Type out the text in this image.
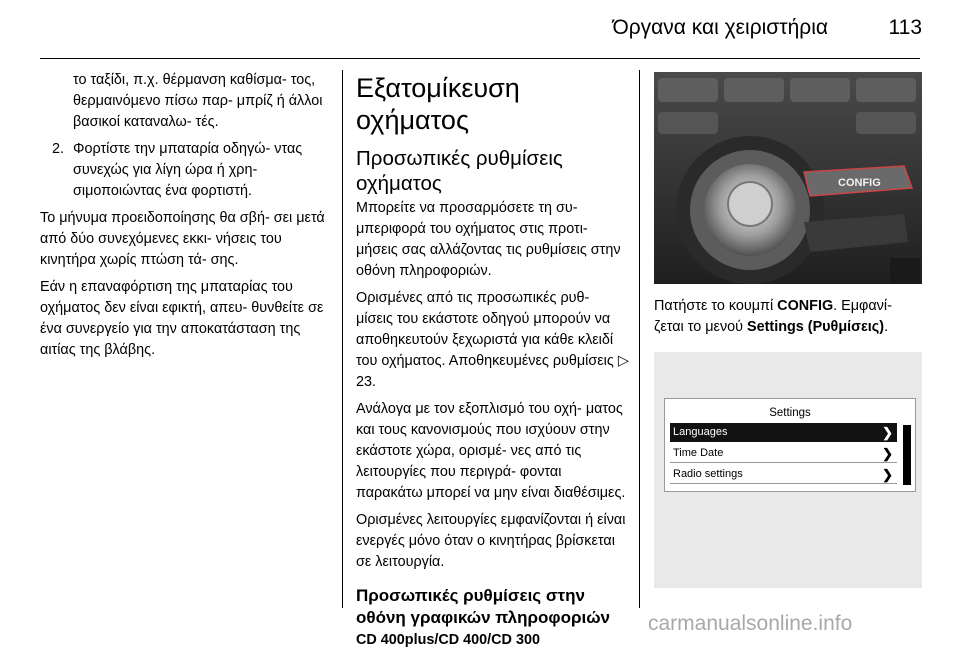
Όργανα και χειριστήρια	113
το ταξίδι, π.χ. θέρμανση καθίσμα- τος, θερμαινόμενο πίσω παρ- μπρίζ ή άλλοι βασικοί καταναλω- τές.
2. Φορτίστε την μπαταρία οδηγώ- ντας συνεχώς για λίγη ώρα ή χρη- σιμοποιώντας ένα φορτιστή.

Το μήνυμα προειδοποίησης θα σβή- σει μετά από δύο συνεχόμενες εκκι- νήσεις του κινητήρα χωρίς πτώση τά- σης.

Εάν η επαναφόρτιση της μπαταρίας του οχήματος δεν είναι εφικτή, απευ- θυνθείτε σε ένα συνεργείο για την αποκατάσταση της αιτίας της βλάβης.

Εξατομίκευση οχήματος
Προσωπικές ρυθμίσεις οχήματος

Μπορείτε να προσαρμόσετε τη συ- μπεριφορά του οχήματος στις προτι- μήσεις σας αλλάζοντας τις ρυθμίσεις στην οθόνη πληροφοριών.

Ορισμένες από τις προσωπικές ρυθ- μίσεις του εκάστοτε οδηγού μπορούν να αποθηκευτούν ξεχωριστά για κάθε κλειδί του οχήματος. Αποθηκευμένες ρυθμίσεις ▷ 23.

Ανάλογα με τον εξοπλισμό του οχή- ματος και τους κανονισμούς που ισχύουν στην εκάστοτε χώρα, ορισμέ- νες από τις λειτουργίες που περιγρά- φονται παρακάτω μπορεί να μην είναι διαθέσιμες.

Ορισμένες λειτουργίες εμφανίζονται ή είναι ενεργές μόνο όταν ο κινητήρας βρίσκεται σε λειτουργία.

Προσωπικές ρυθμίσεις στην οθόνη γραφικών πληροφοριών
CD 400plus/CD 400/CD 300
CONFIG

Πατήστε το κουμπί CONFIG. Εμφανί- ζεται το μενού Settings (Ρυθμίσεις).

Settings
Languages	❯
Time Date	❯
Radio settings	❯
carmanualsonline.info
